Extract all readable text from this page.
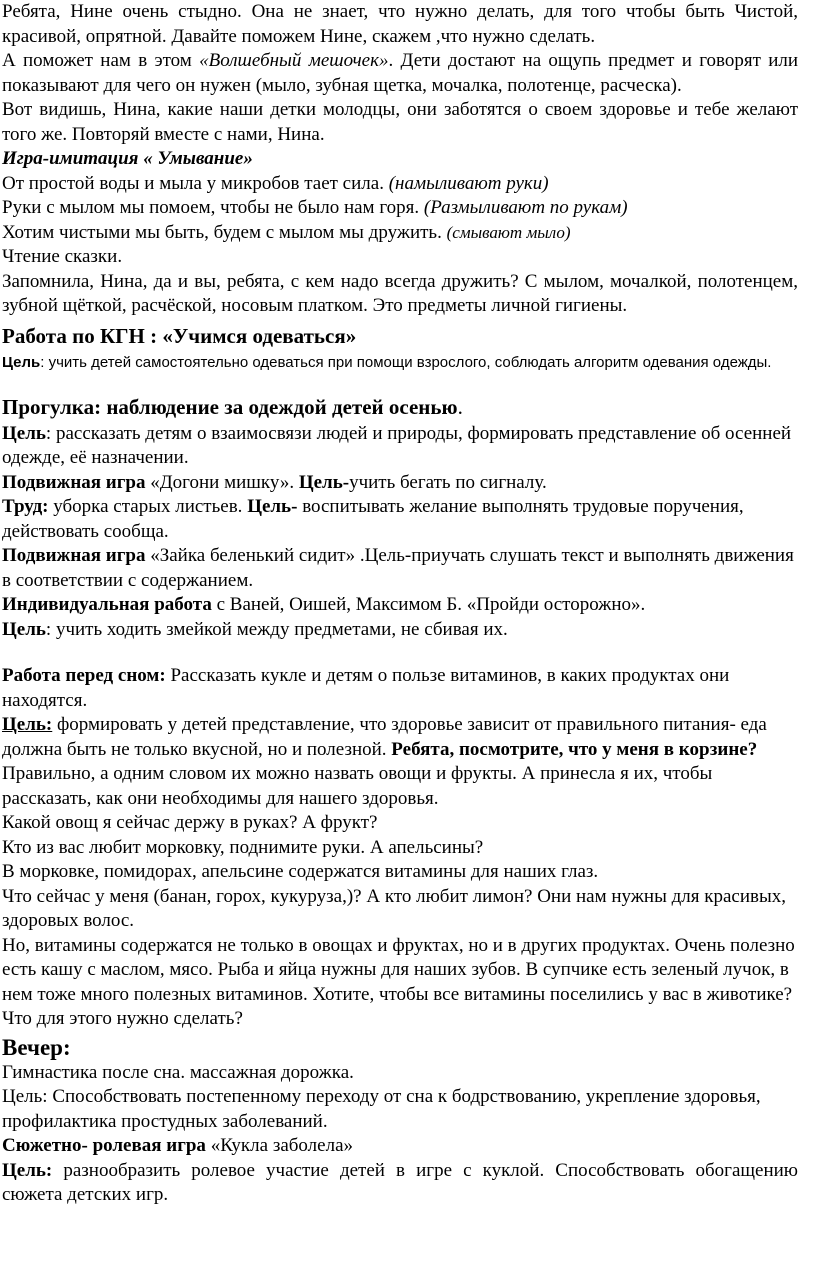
Ребята, Нине очень стыдно. Она не знает, что нужно делать, для того чтобы быть Чистой, красивой, опрятной. Давайте поможем Нине, скажем ,что нужно сделать.

А поможет нам в этом «Волшебный мешочек». Дети достают на ощупь предмет и говорят или показывают для чего он нужен (мыло, зубная щетка, мочалка, полотенце, расческа).

Вот видишь, Нина, какие наши детки молодцы, они заботятся о своем здоровье и тебе желают того же. Повторяй вместе с нами, Нина.

Игра-имитация « Умывание»

От простой воды и мыла у микробов тает сила. (намыливают руки)

Руки с мылом мы помоем, чтобы не было нам горя. (Размыливают по рукам)

Хотим чистыми мы быть, будем с мылом мы дружить. (смывают мыло)

Чтение сказки.

Запомнила, Нина, да и вы, ребята, с кем надо всегда дружить? С мылом, мочалкой, полотенцем, зубной щёткой, расчёской, носовым платком. Это предметы личной гигиены.

Работа по КГН : «Учимся одеваться»

Цель: учить детей самостоятельно одеваться при помощи взрослого, соблюдать алгоритм одевания одежды.

Прогулка: наблюдение за одеждой детей осенью.

Цель: рассказать детям о взаимосвязи людей и природы, формировать представление об осенней одежде, её назначении.

Подвижная игра «Догони мишку». Цель-учить бегать по сигналу.

Труд: уборка старых листьев. Цель- воспитывать желание выполнять трудовые поручения, действовать сообща.

Подвижная игра «Зайка беленький сидит» .Цель-приучать слушать текст и выполнять движения в соответствии с содержанием.

Индивидуальная работа с Ваней, Оишей, Максимом Б. «Пройди осторожно».

Цель: учить ходить змейкой между предметами, не сбивая их.

Работа перед сном: Рассказать кукле и детям о пользе витаминов, в каких продуктах они находятся.

Цель: формировать у детей представление, что здоровье зависит от правильного питания- еда должна быть не только вкусной, но и полезной. Ребята, посмотрите, что у меня в корзине?

Правильно, а одним словом их можно назвать овощи и фрукты. А принесла я их, чтобы рассказать, как они необходимы для нашего здоровья.

Какой овощ я сейчас держу в руках? А фрукт?

Кто из вас любит морковку, поднимите руки. А апельсины?

В морковке, помидорах, апельсине содержатся витамины для наших глаз.

Что сейчас у меня (банан, горох, кукуруза,)? А кто любит лимон? Они нам нужны для красивых, здоровых волос.

Но, витамины содержатся не только в овощах и фруктах, но и в других продуктах. Очень полезно есть кашу с маслом, мясо. Рыба и яйца нужны для наших зубов. В супчике есть зеленый лучок, в нем тоже много полезных витаминов. Хотите, чтобы все витамины поселились у вас в животике? Что для этого нужно сделать?

Вечер:

Гимнастика после сна. массажная дорожка.

Цель: Способствовать постепенному переходу от сна к бодрствованию, укрепление здоровья, профилактика простудных заболеваний.

Сюжетно- ролевая игра «Кукла заболела»

Цель: разнообразить ролевое участие детей в игре с куклой. Способствовать обогащению сюжета детских игр.
